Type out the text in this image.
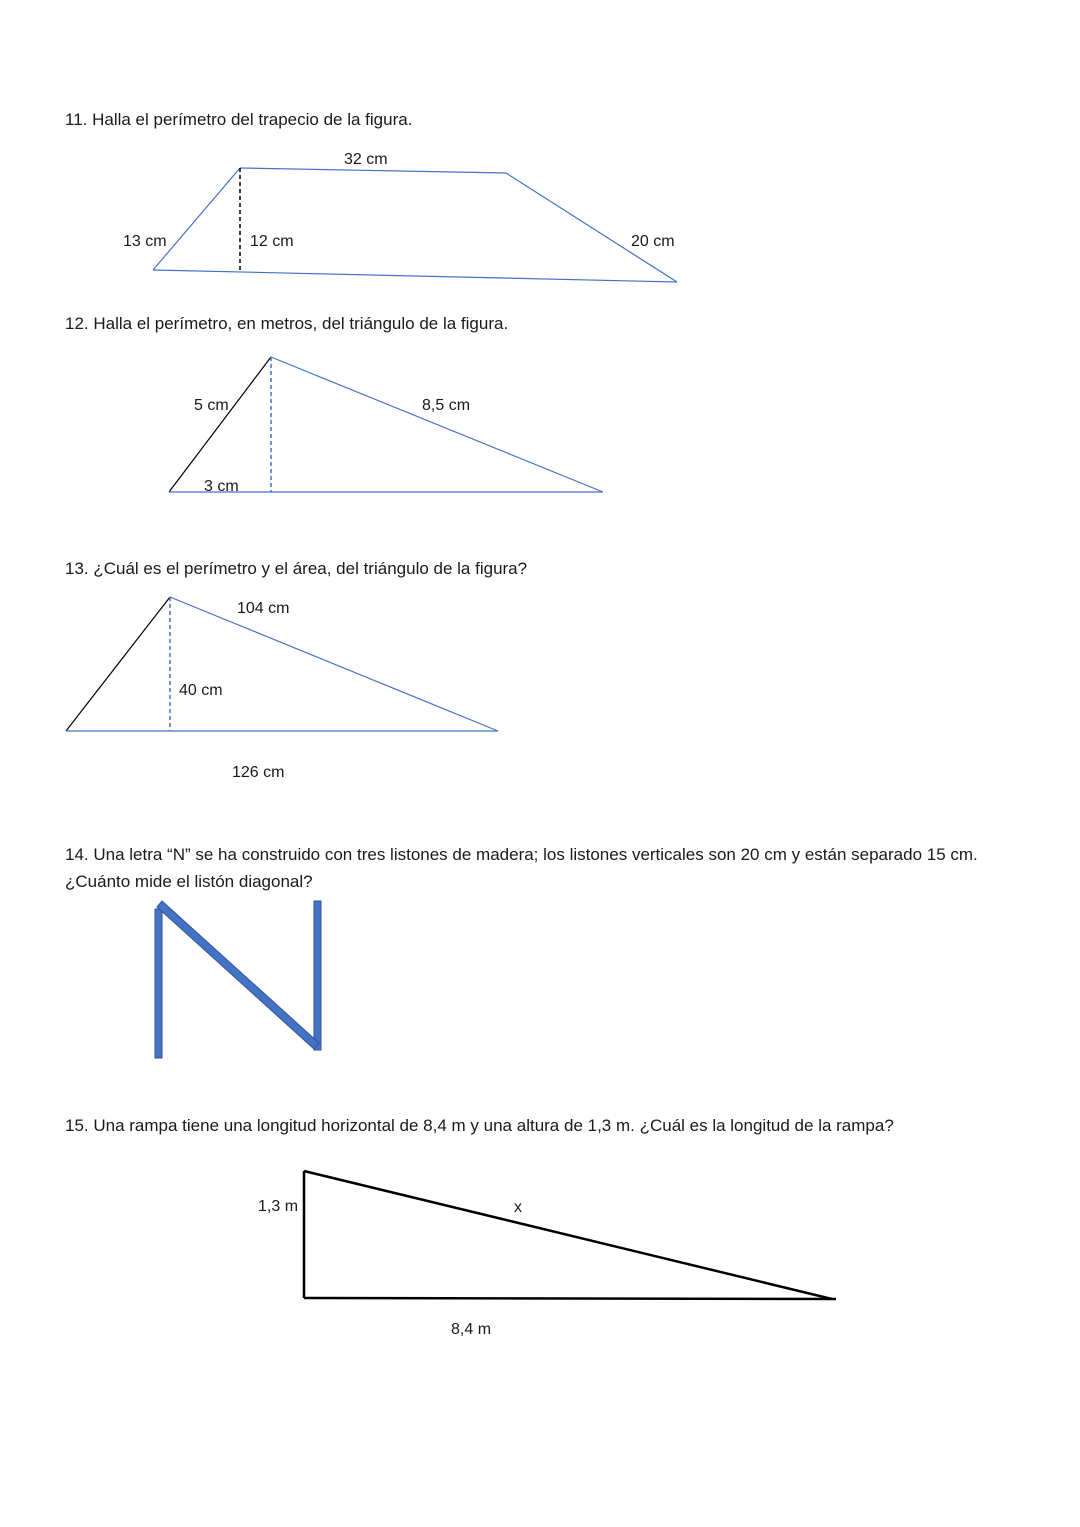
11. Halla el perímetro del trapecio de la figura.

32 cm
13 cm	12 cm	20 cm

12. Halla el perímetro, en metros, del triángulo de la figura.

5 cm	8,5 cm
3 cm

13. ¿Cuál es el perímetro y el área, del triángulo de la figura?

104 cm
40 cm
126 cm

14. Una letra “N” se ha construido con tres listones de madera; los listones verticales son 20 cm y están separado 15 cm. ¿Cuánto mide el listón diagonal?

15. Una rampa tiene una longitud horizontal de 8,4 m y una altura de 1,3 m. ¿Cuál es la longitud de la rampa?

1,3 m	x
8,4 m
